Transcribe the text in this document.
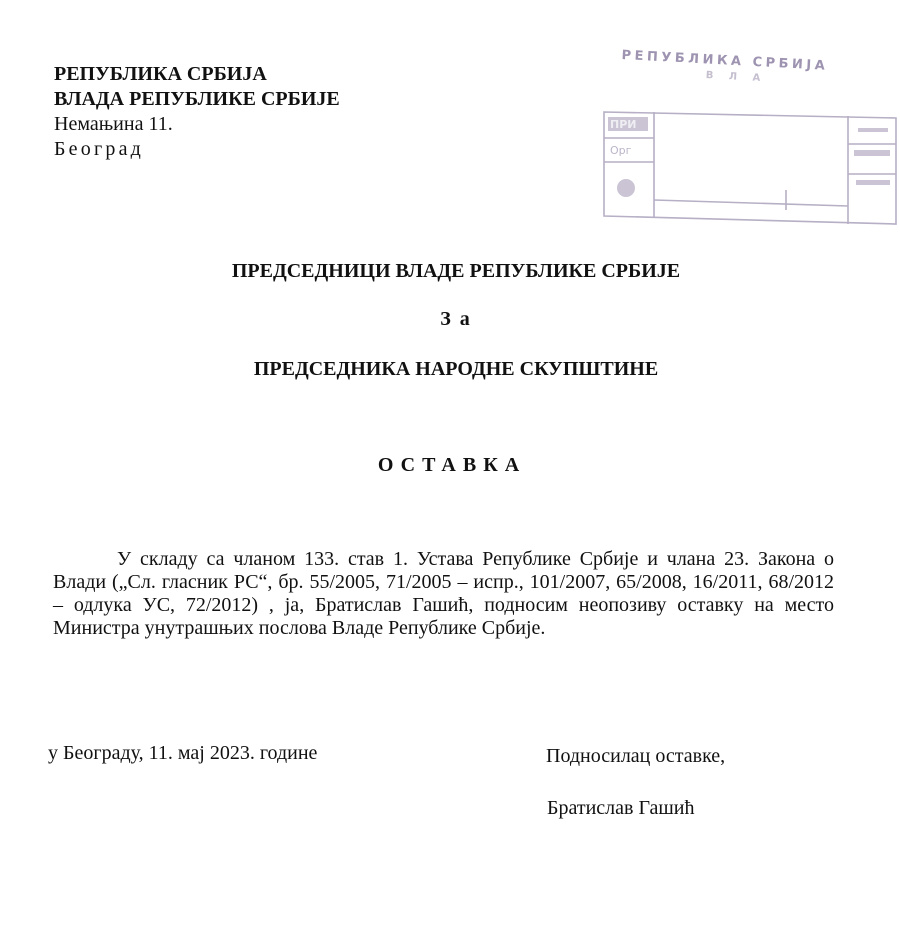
РЕПУБЛИКА СРБИЈА
ВЛАДА РЕПУБЛИКЕ СРБИЈЕ
Немањина 11.
Београд
РЕПУБЛИКА СРБИЈА
В Л А
ПРИ
Орг
ПРЕДСЕДНИЦИ ВЛАДЕ РЕПУБЛИКЕ СРБИЈЕ
З а
ПРЕДСЕДНИКА НАРОДНЕ СКУПШТИНЕ
ОСТАВКА
У складу са чланом 133. став 1. Устава Републике Србије и члана 23. Закона о Влади („Сл. гласник РС“, бр. 55/2005, 71/2005 – испр., 101/2007, 65/2008, 16/2011, 68/2012 – одлука УС, 72/2012) , ја, Братислав Гашић, подносим неопозиву оставку на место Министра унутрашњих послова Владе Републике Србије.
у Београду, 11. мај 2023. године	Подносилац оставке,
Братислав Гашић
